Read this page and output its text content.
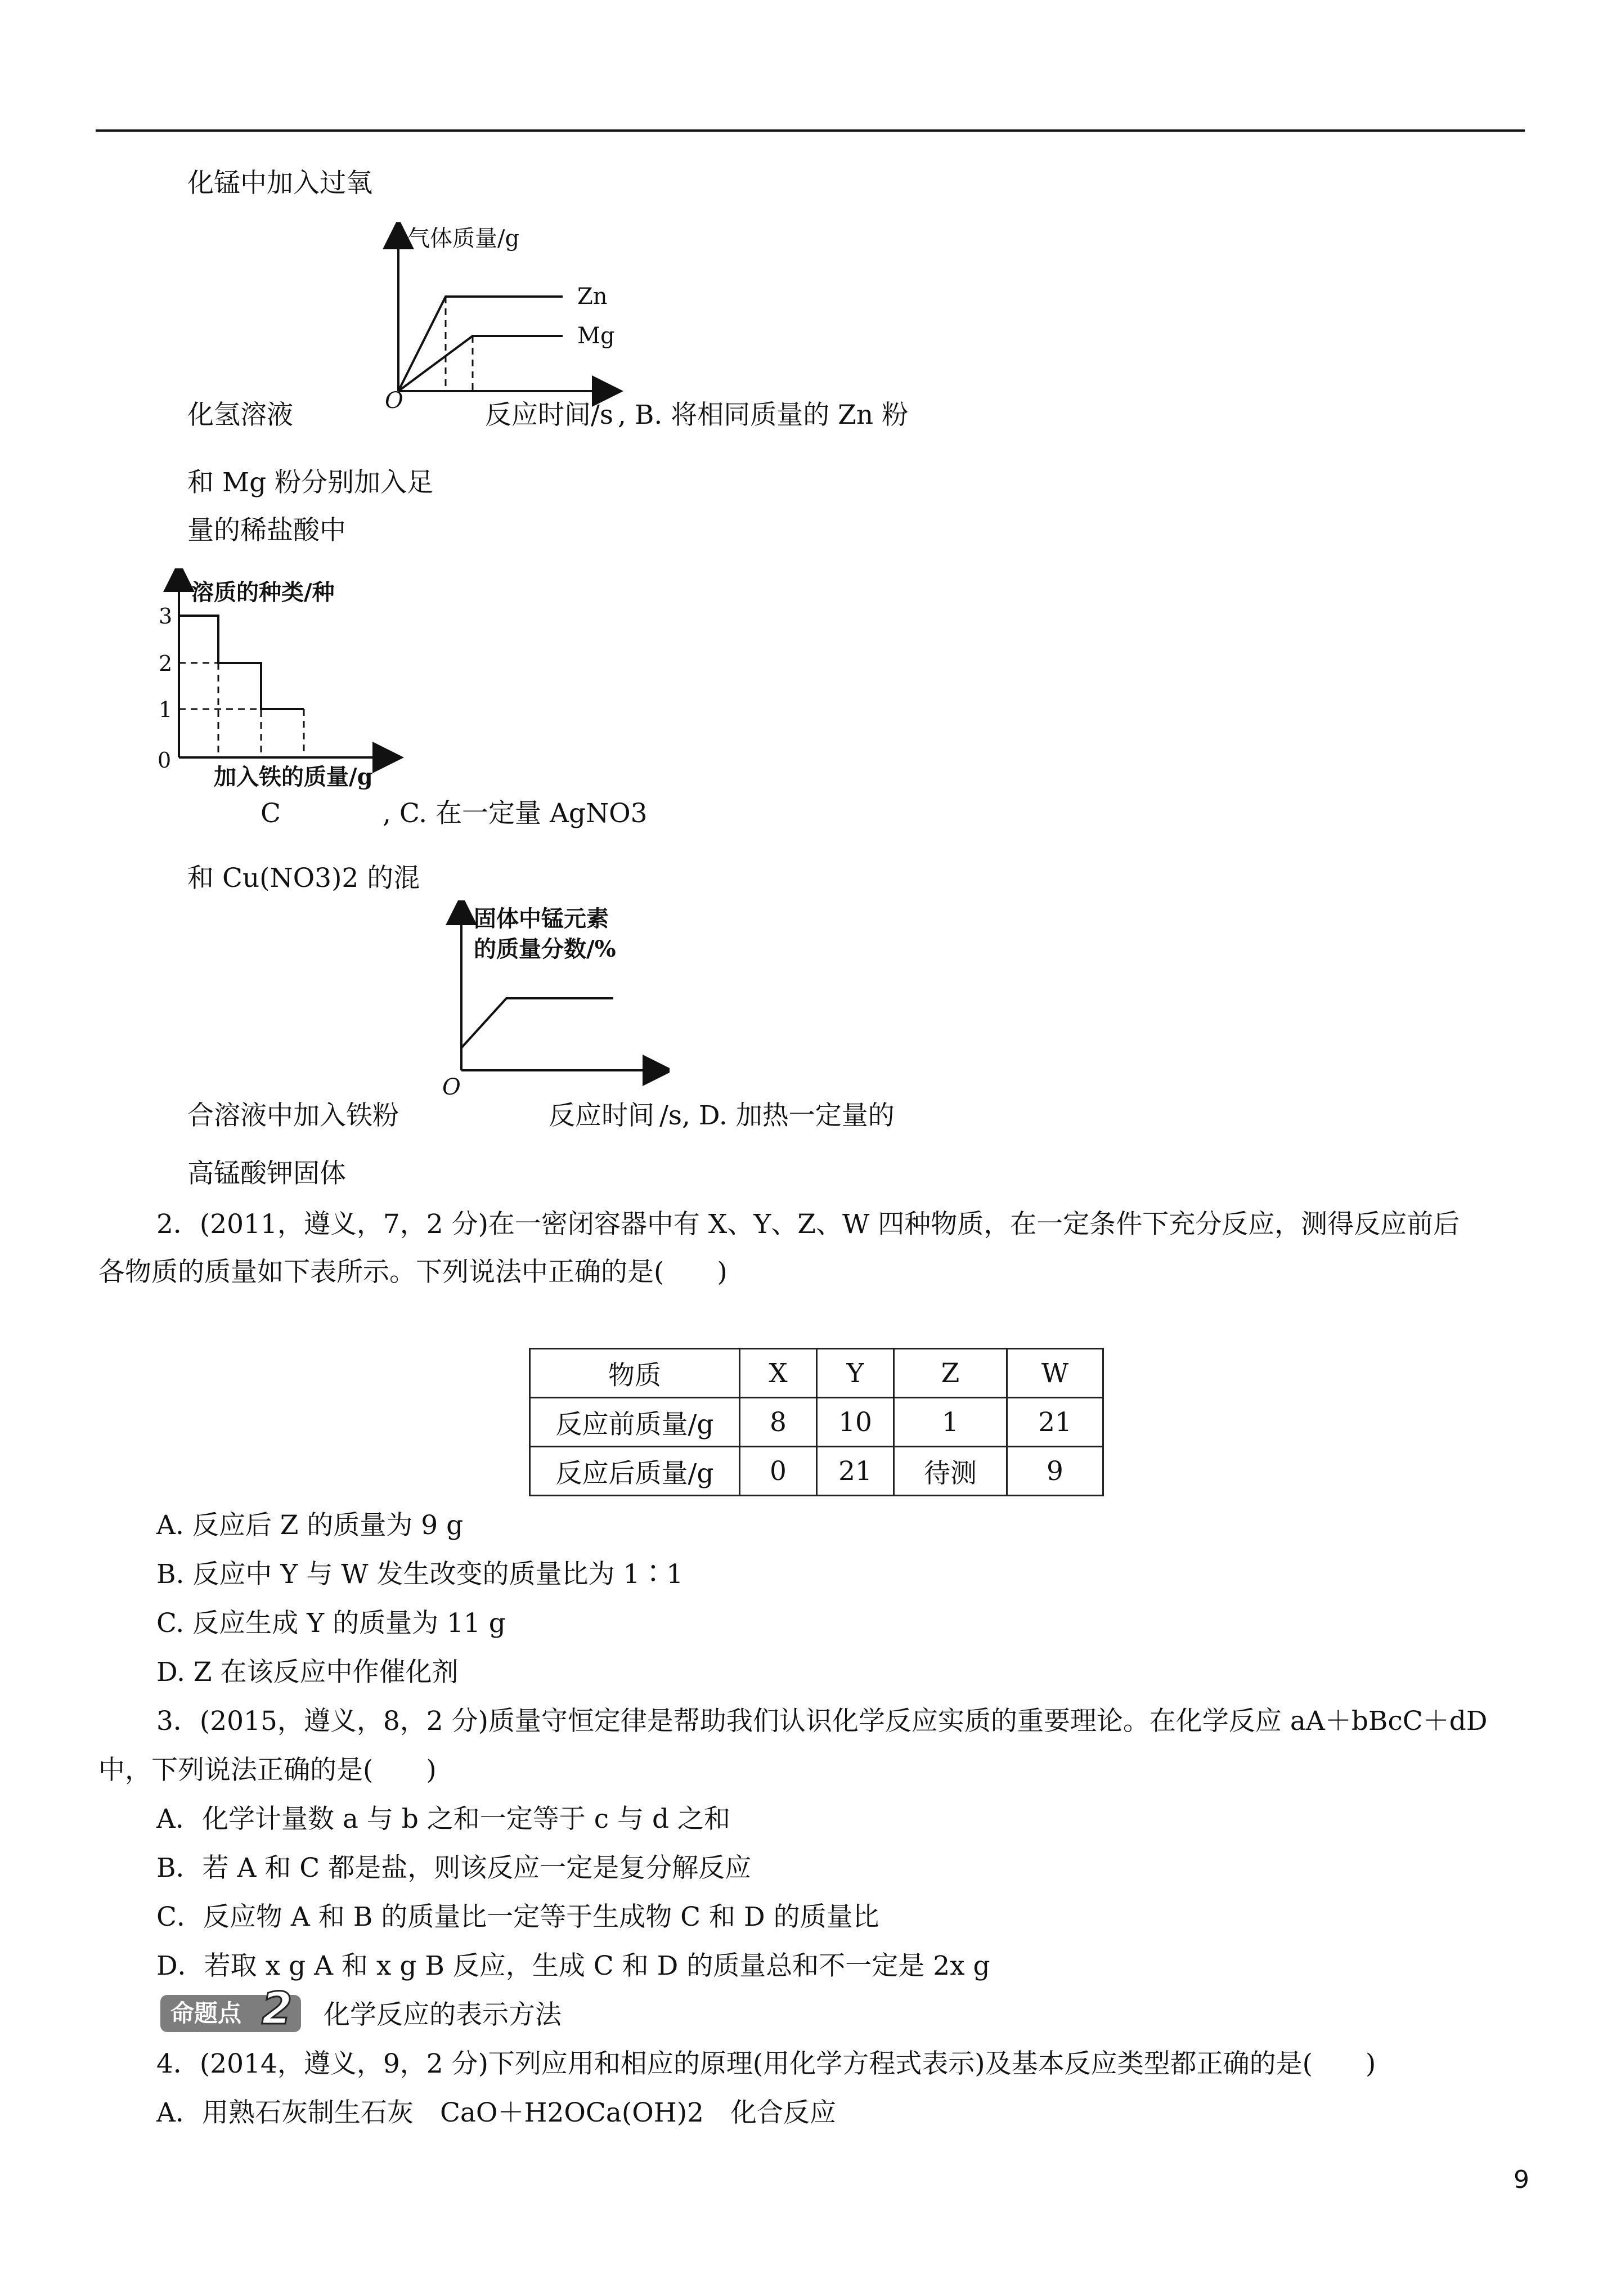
化锰中加入过氧
气体质量/g
Zn
Mg
O
化氢溶液	反应时间/s , B. 将相同质量的 Zn 粉
和 Mg 粉分别加入足
量的稀盐酸中
溶质的种类/种
3
2
1
0
加入铁的质量/g
C	, C. 在一定量 AgNO3
和 Cu(NO3)2 的混
固体中锰元素
的质量分数/%
O
合溶液中加入铁粉	反应时间 /s, D. 加热一定量的
高锰酸钾固体
2．(2011，遵义，7，2 分)在一密闭容器中有 X、Y、Z、W 四种物质，在一定条件下充分反应，测得反应前后
各物质的质量如下表所示。下列说法中正确的是(　　)
物质	X	Y	Z	W
反应前质量/g	8	10	1	21
反应后质量/g	0	21	待测	9
A. 反应后 Z 的质量为 9 g
B. 反应中 Y 与 W 发生改变的质量比为 1∶1
C. 反应生成 Y 的质量为 11 g
D. Z 在该反应中作催化剂
3．(2015，遵义，8，2 分)质量守恒定律是帮助我们认识化学反应实质的重要理论。在化学反应 aA＋bBcC＋dD
中，下列说法正确的是(　　)
A．化学计量数 a 与 b 之和一定等于 c 与 d 之和
B．若 A 和 C 都是盐，则该反应一定是复分解反应
C．反应物 A 和 B 的质量比一定等于生成物 C 和 D 的质量比
D．若取 x g A 和 x g B 反应，生成 C 和 D 的质量总和不一定是 2x g
命题点 2	化学反应的表示方法
4．(2014，遵义，9，2 分)下列应用和相应的原理(用化学方程式表示)及基本反应类型都正确的是(　　)
A．用熟石灰制生石灰　CaO＋H2OCa(OH)2　化合反应
9
